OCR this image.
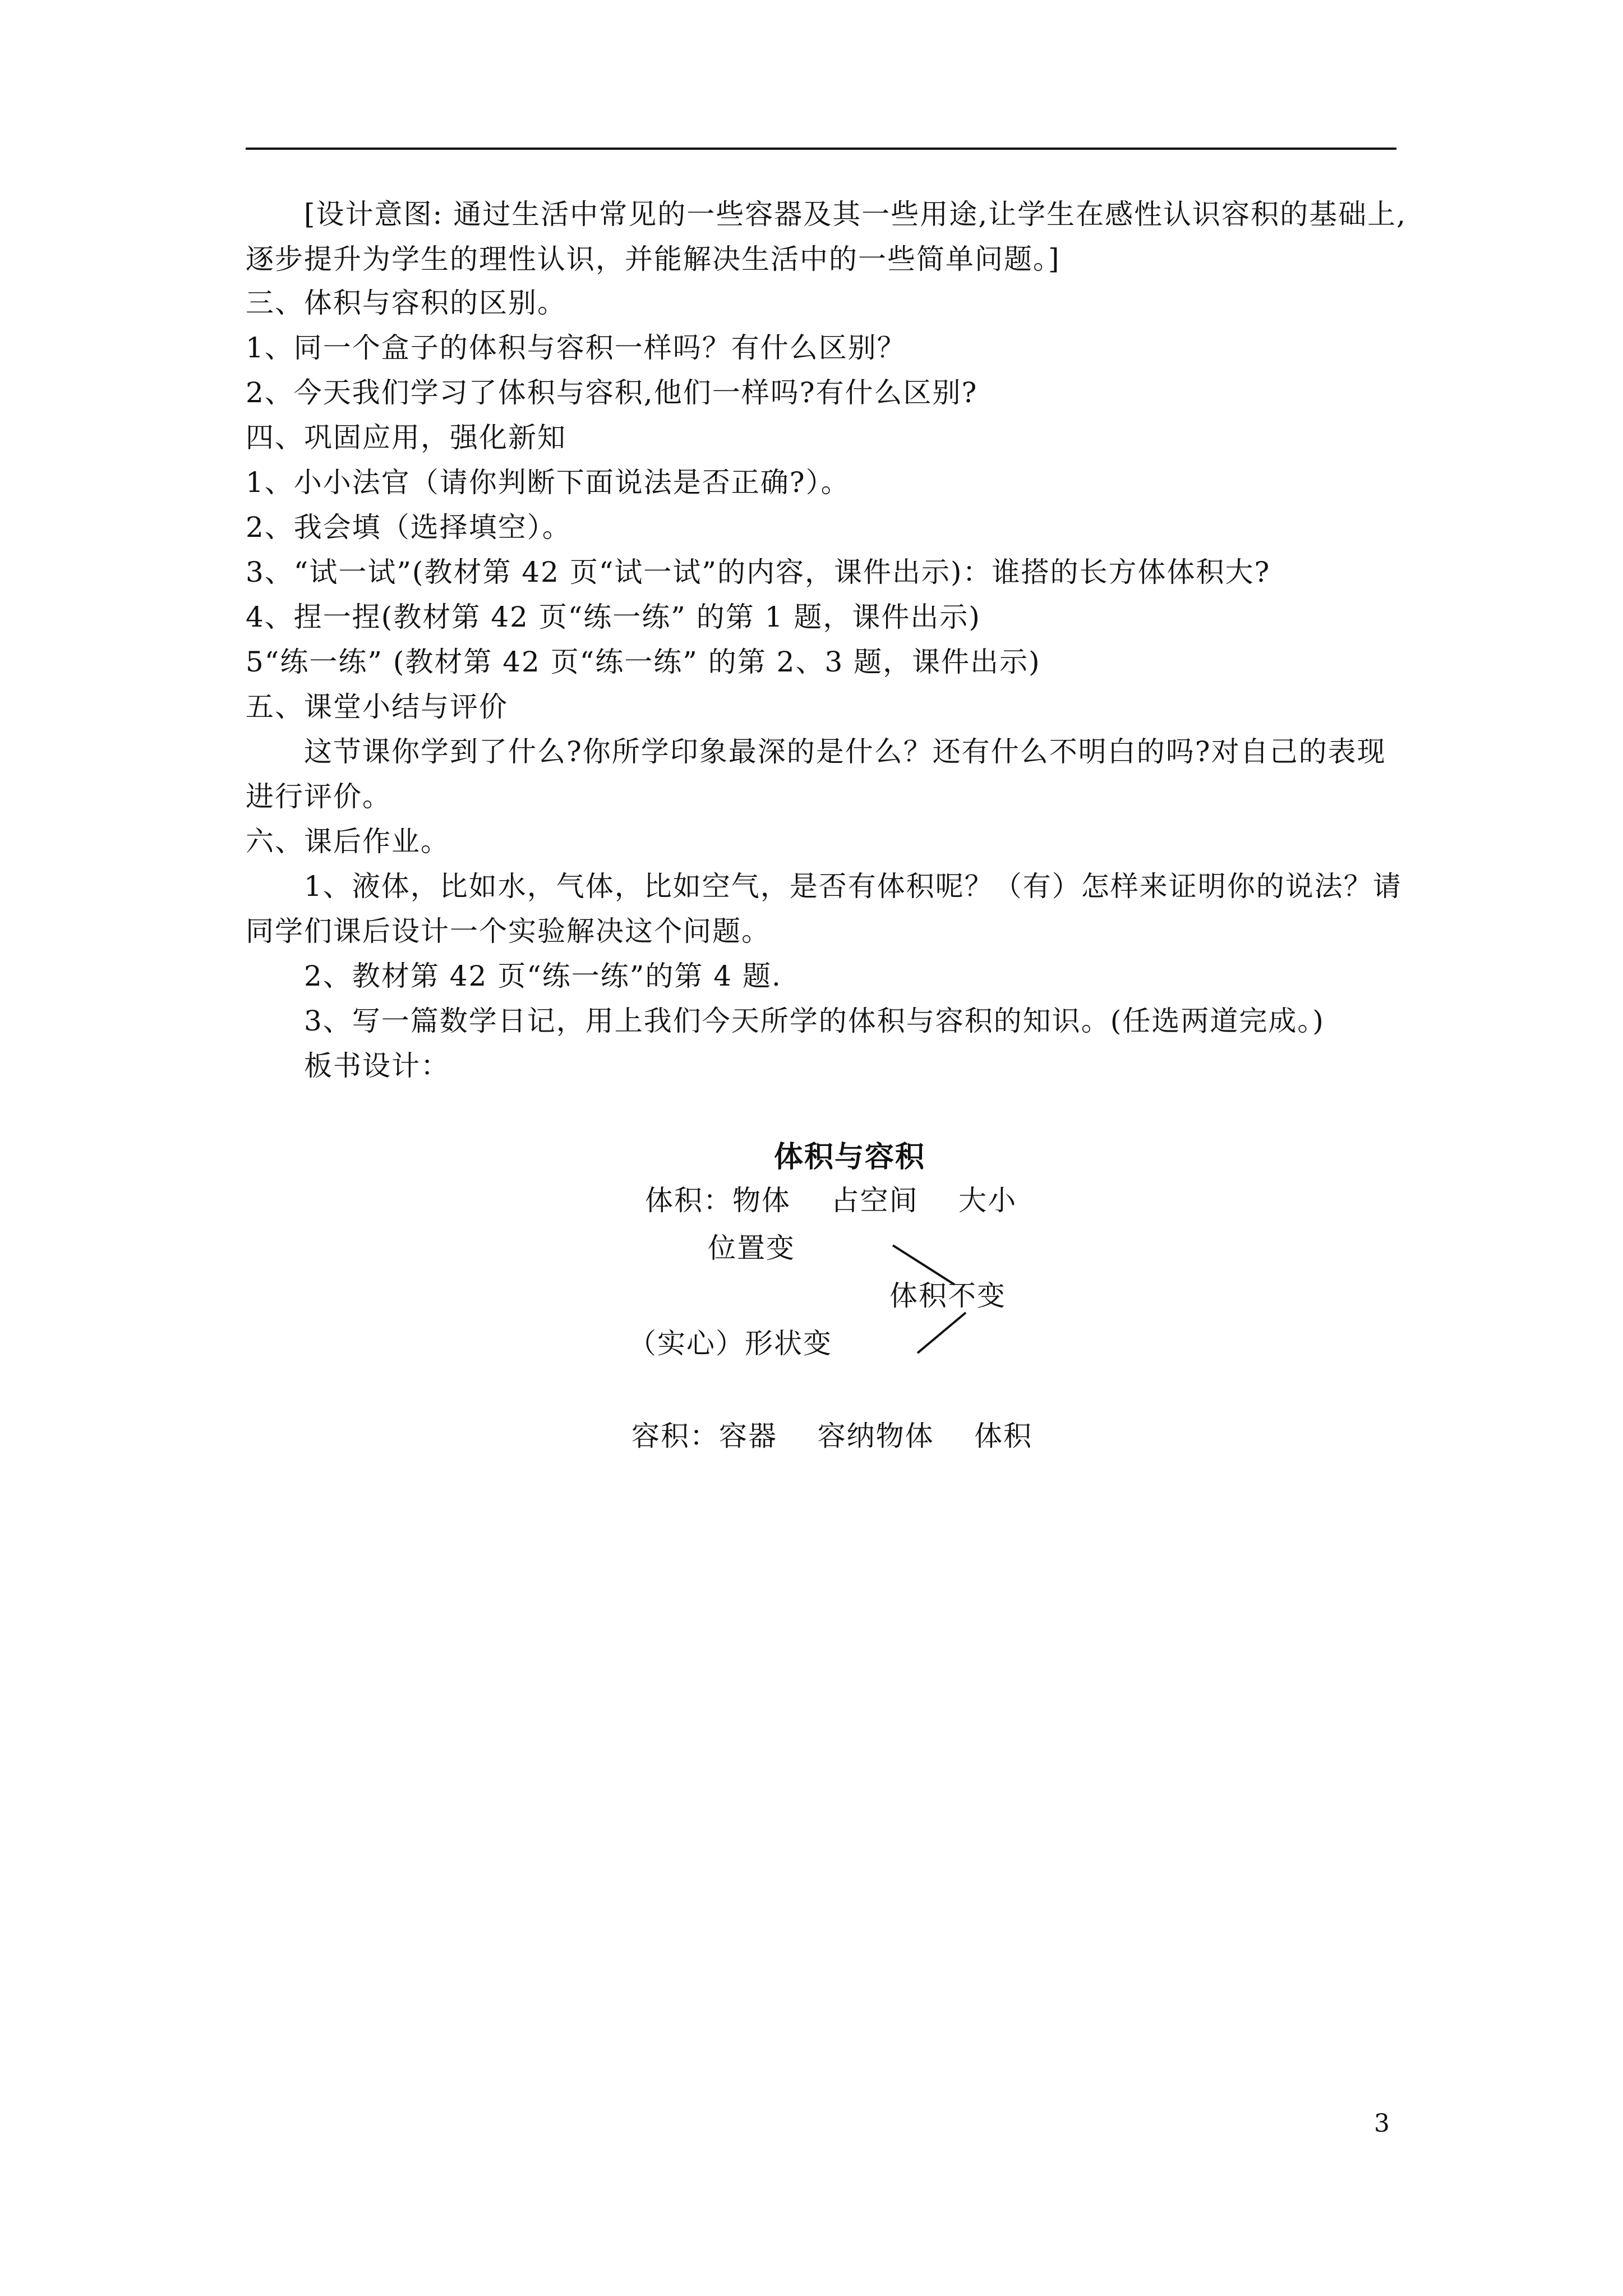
[设计意图: 通过生活中常见的一些容器及其一些用途,让学生在感性认识容积的基础上,
逐步提升为学生的理性认识，并能解决生活中的一些简单问题。]
三、体积与容积的区别。
1、同一个盒子的体积与容积一样吗？有什么区别？
2、今天我们学习了体积与容积,他们一样吗?有什么区别?
四、巩固应用，强化新知
1、小小法官（请你判断下面说法是否正确?）。
2、我会填（选择填空）。
3、“试一试”(教材第 42 页“试一试”的内容，课件出示)：谁搭的长方体体积大?
4、捏一捏(教材第 42 页“练一练” 的第 1 题，课件出示)
5“练一练” (教材第 42 页“练一练” 的第 2、3 题，课件出示)
五、课堂小结与评价
这节课你学到了什么?你所学印象最深的是什么？还有什么不明白的吗?对自己的表现
进行评价。
六、课后作业。
1、液体，比如水，气体，比如空气，是否有体积呢？（有）怎样来证明你的说法？请
同学们课后设计一个实验解决这个问题。
2、教材第 42 页“练一练”的第 4 题.
3、写一篇数学日记，用上我们今天所学的体积与容积的知识。(任选两道完成。)
板书设计：
体积与容积
体积：物体    占空间    大小
位置变
体积不变
（实心）形状变
容积：容器    容纳物体    体积
3
